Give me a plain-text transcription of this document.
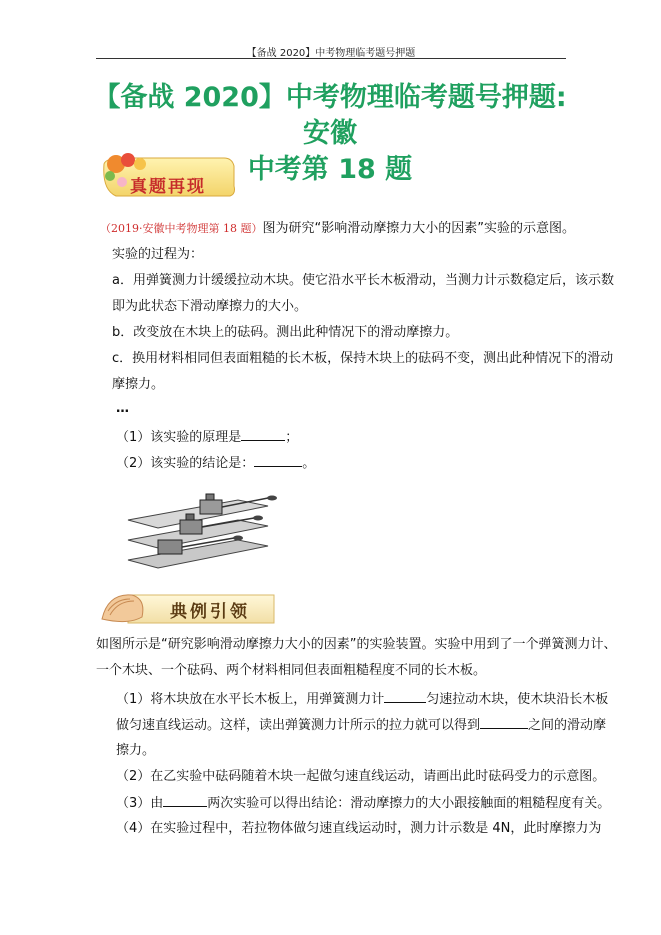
【备战 2020】中考物理临考题号押题
【备战 2020】中考物理临考题号押题: 安徽
中考第 18 题
真题再现
（2019·安徽中考物理第 18 题）图为研究“影响滑动摩擦力大小的因素”实验的示意图。
实验的过程为：
a．用弹簧测力计缓缓拉动木块。使它沿水平长木板滑动，当测力计示数稳定后，该示数
即为此状态下滑动摩擦力的大小。
b．改变放在木块上的砝码。测出此种情况下的滑动摩擦力。
c．换用材料相同但表面粗糙的长木板，保持木块上的砝码不变，测出此种情况下的滑动
摩擦力。
…
（1）该实验的原理是	；
（2）该实验的结论是：	。
典例引领
如图所示是“研究影响滑动摩擦力大小的因素”的实验装置。实验中用到了一个弹簧测力计、
一个木块、一个砝码、两个材料相同但表面粗糙程度不同的长木板。
（1）将木块放在水平长木板上，用弹簧测力计	匀速拉动木块，使木块沿长木板
做匀速直线运动。这样，读出弹簧测力计所示的拉力就可以得到	之间的滑动摩
擦力。
（2）在乙实验中砝码随着木块一起做匀速直线运动，请画出此时砝码受力的示意图。
（3）由	两次实验可以得出结论：滑动摩擦力的大小跟接触面的粗糙程度有关。
（4）在实验过程中，若拉物体做匀速直线运动时，测力计示数是 4N，此时摩擦力为
